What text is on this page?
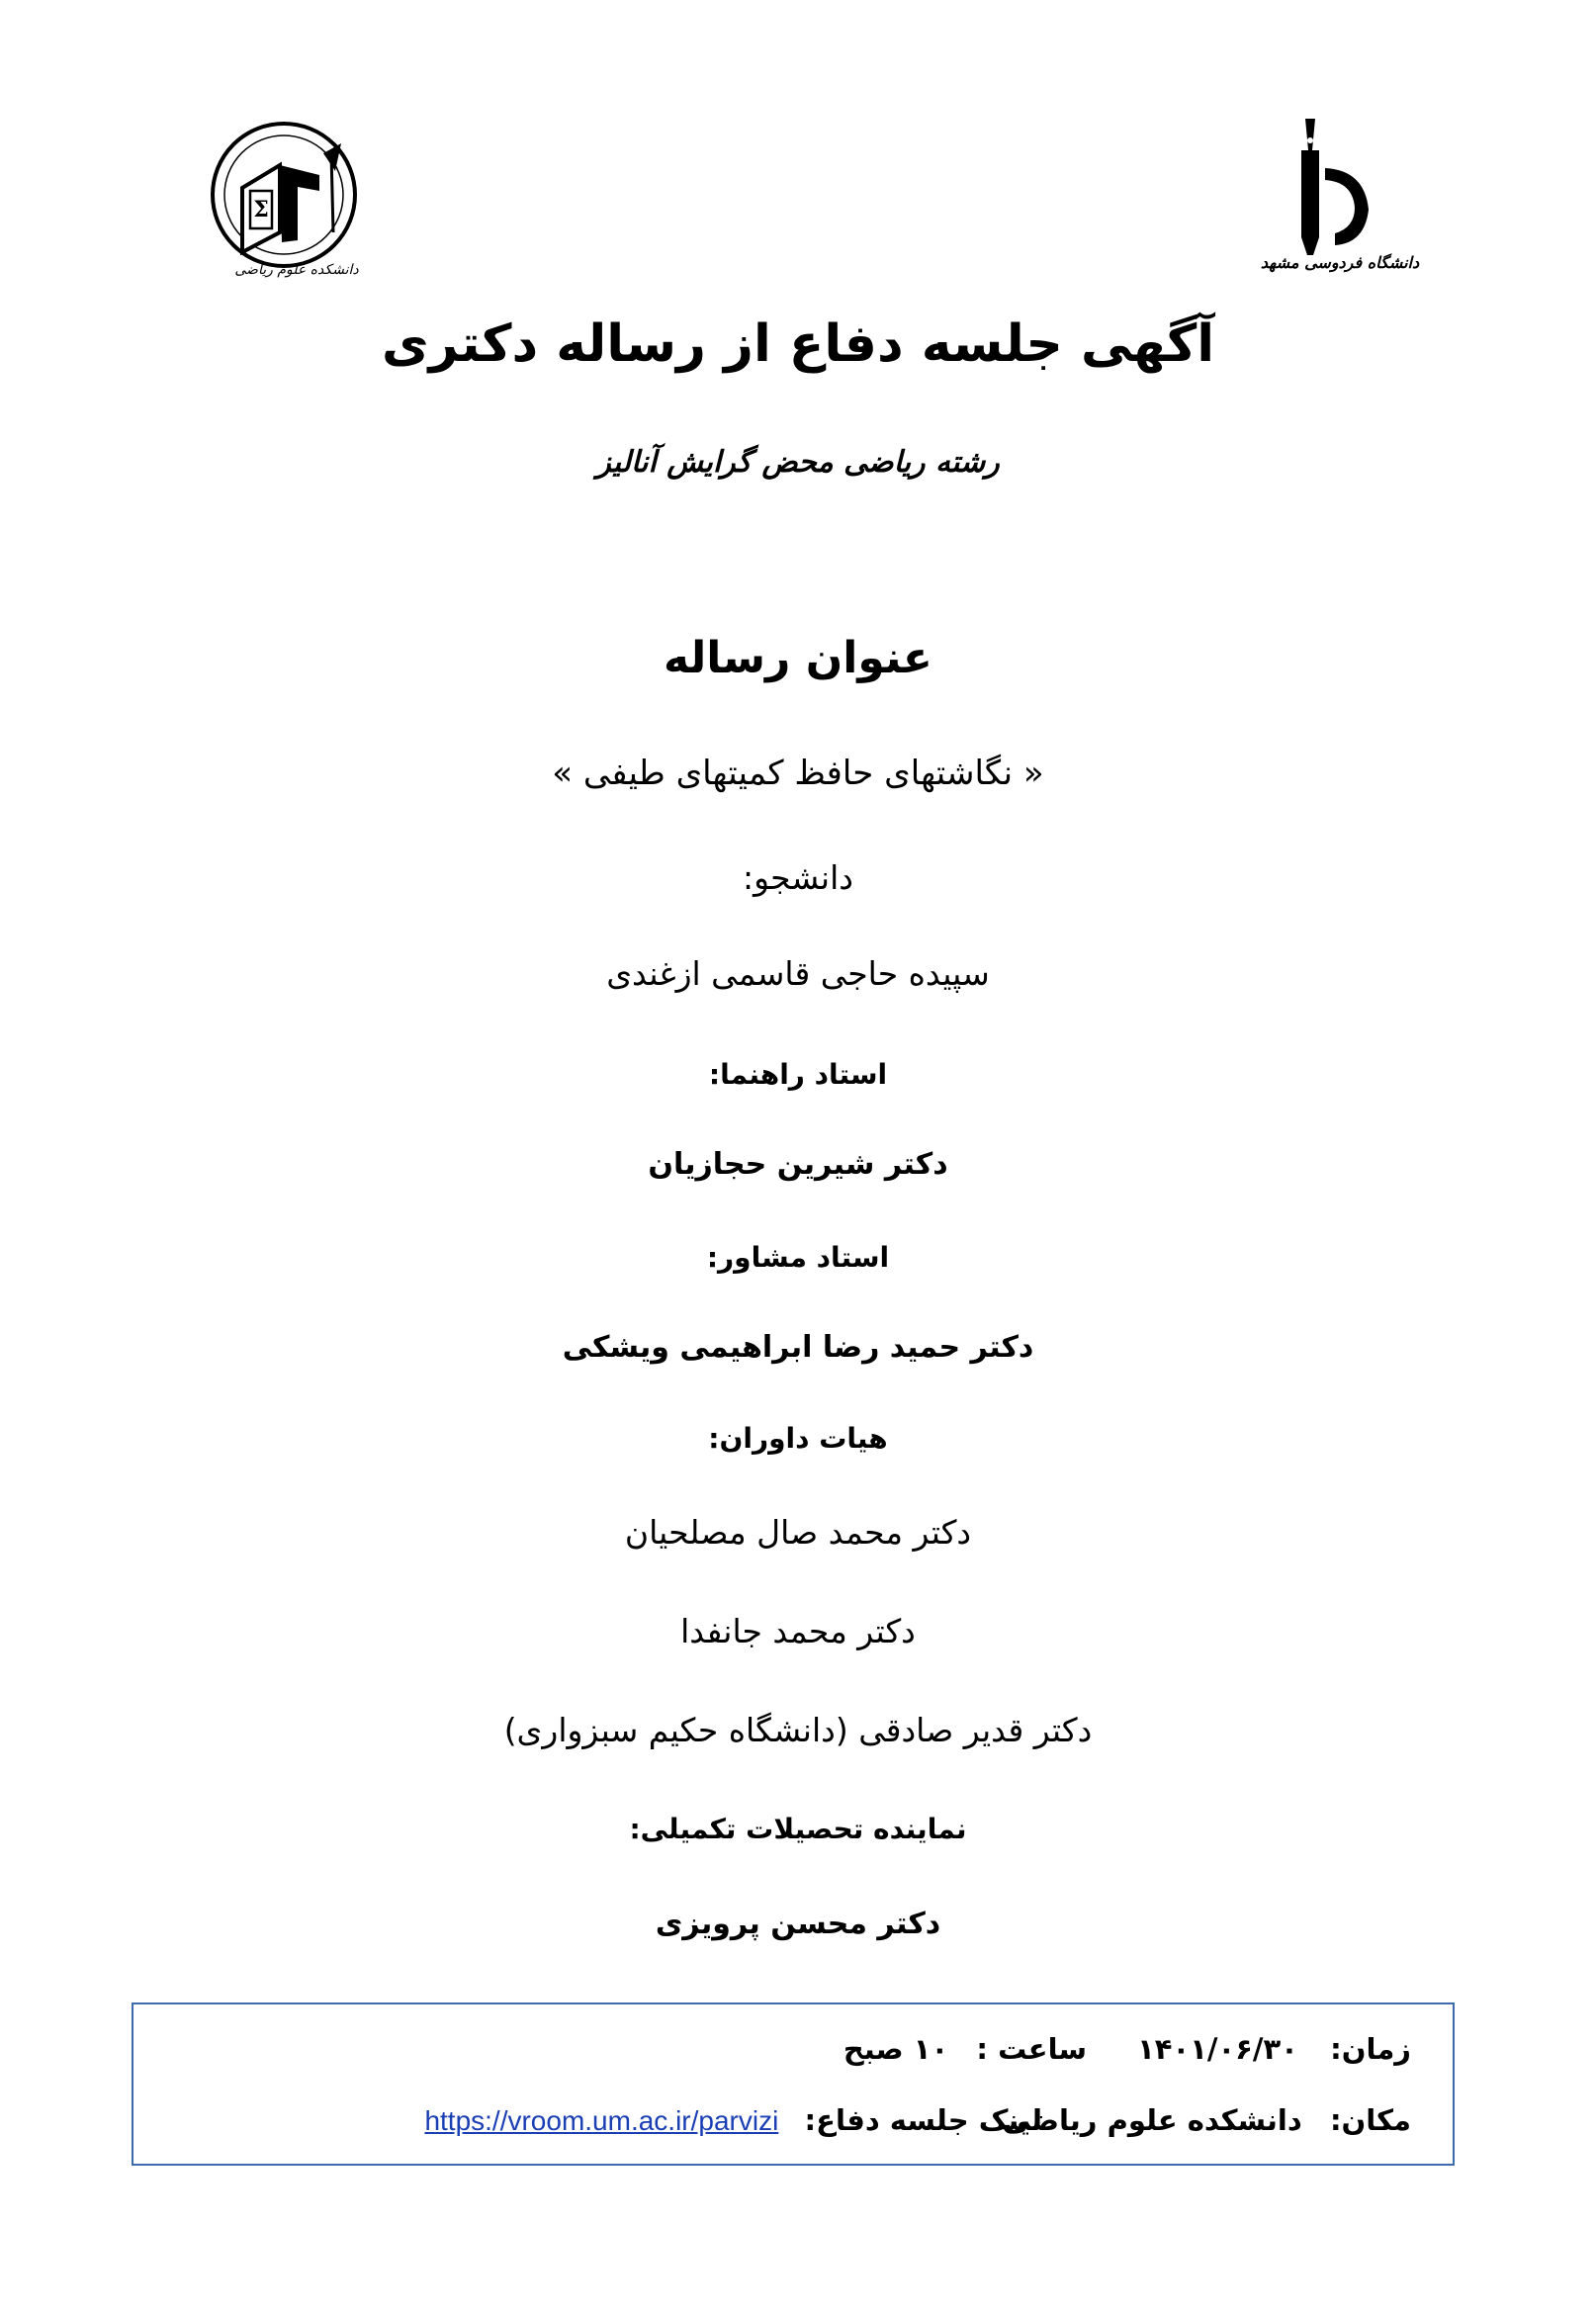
Σ
دانشکده علوم ریاضی	دانشگاه فردوسی مشهد
آگهی جلسه دفاع از رساله دکتری
رشته ریاضی محض گرایش آنالیز
عنوان رساله
« نگاشتهای حافظ کمیتهای طیفی »
دانشجو:
سپیده حاجی قاسمی ازغندی
استاد راهنما:
دکتر شیرین حجازیان
استاد مشاور:
دکتر حمید رضا ابراهیمی ویشکی
هیات داوران:
دکتر محمد صال مصلحیان
دکتر محمد جانفدا
دکتر قدیر صادقی (دانشگاه حکیم سبزواری)
نماینده تحصیلات تکمیلی:
دکتر محسن پرویزی
زمان:  ۱۴۰۱/۰۶/۳۰
ساعت :  ۱۰ صبح
مکان:  دانشکده علوم ریاضی
لینک جلسه دفاع:  https://vroom.um.ac.ir/parvizi
